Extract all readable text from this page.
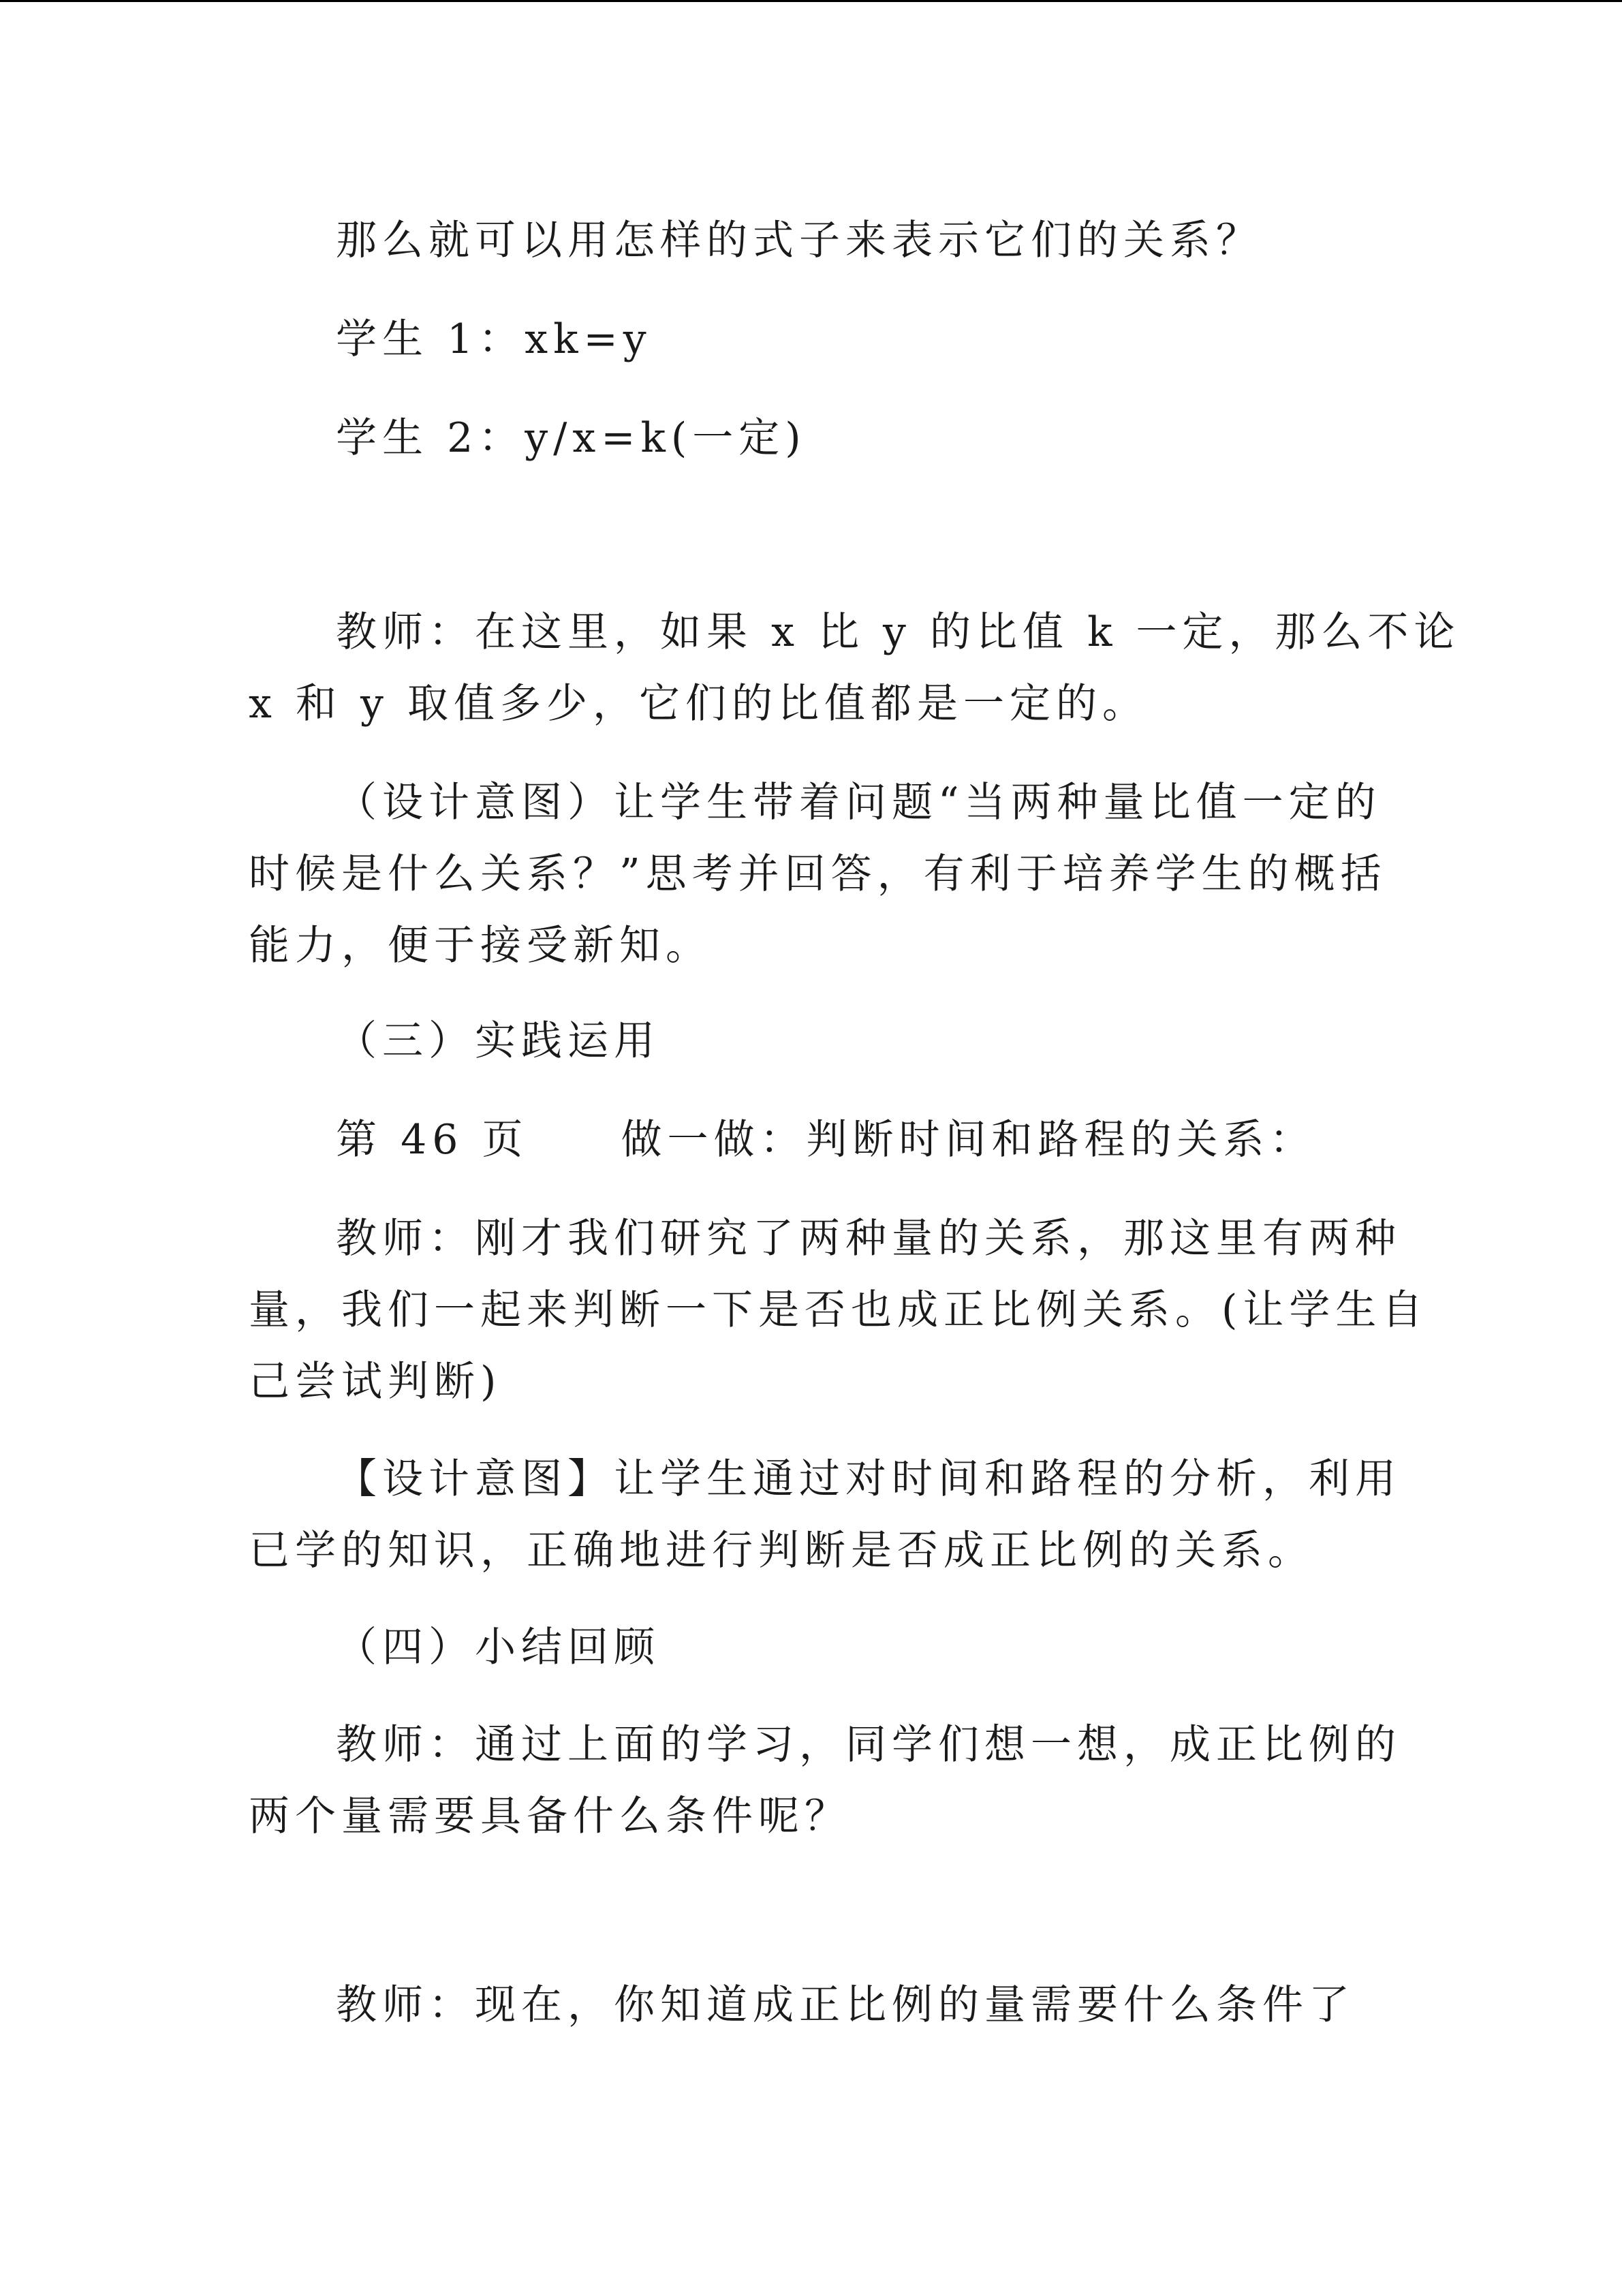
那么就可以用怎样的式子来表示它们的关系？

学生 1：xk=y

学生 2：y/x=k(一定)

教师：在这里，如果 x 比 y 的比值 k 一定，那么不论

x 和 y 取值多少，它们的比值都是一定的。

（设计意图）让学生带着问题“当两种量比值一定的

时候是什么关系？”思考并回答，有利于培养学生的概括

能力，便于接受新知。

（三）实践运用

第 46 页　　做一做：判断时间和路程的关系：

教师：刚才我们研究了两种量的关系，那这里有两种

量，我们一起来判断一下是否也成正比例关系。(让学生自

己尝试判断)

【设计意图】让学生通过对时间和路程的分析，利用

已学的知识，正确地进行判断是否成正比例的关系。

（四）小结回顾

教师：通过上面的学习，同学们想一想，成正比例的

两个量需要具备什么条件呢？

教师：现在，你知道成正比例的量需要什么条件了
